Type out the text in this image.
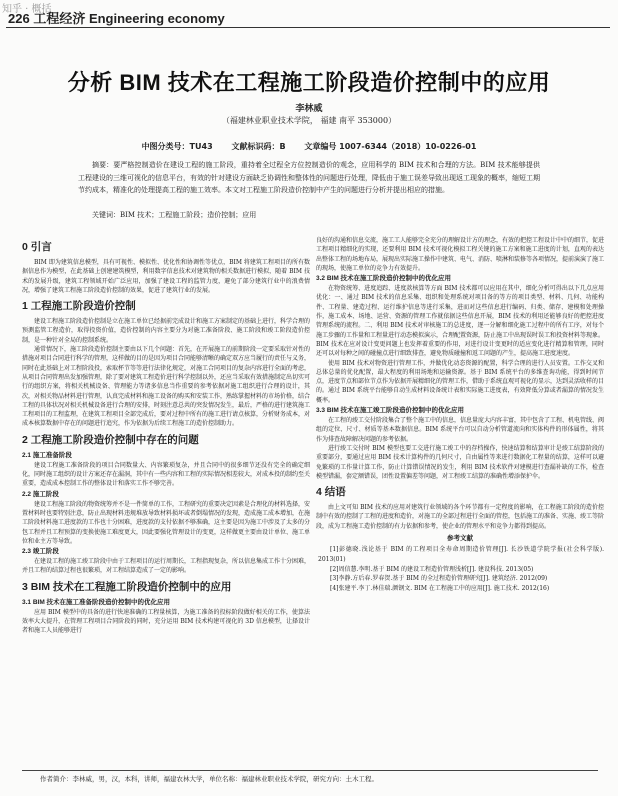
知乎 · 概括
226 工程经济 Engineering economy
分析 BIM 技术在工程施工阶段造价控制中的应用
李林威
（福建林业职业技术学院， 福建 南平 353000）
中图分类号：TU43 文献标识码：B 文章编号 1007-6344（2018）10-0226-01
摘要：要严格控制造价在建设工程的施工阶段，重持着全过程全方位控制造价的观念，应用科学的 BIM 技术和合理的方法。BIM 技术能够提供工程建设的三维可视化的信息平台，有效的针对建设方面缺乏协调性和整体性的问题进行处理，降低由于施工误差导致出现返工现象的概率，缩短工期节约成本，精准化的处理提高工程的施工效率。本文对工程施工阶段造价控制中产生的问题进行分析并提出相应的措施。
关键词：BIM 技术；工程施工阶段；造价控制；应用
0 引言

BIM 即为建筑信息模型，具有可视性、模拟性、优化性和协调性等优点，BIM 将建筑工程项目的所有数据信息作为模型，在此基础上创建建筑模型，利用数字信息技术对建筑物的相关数据进行模拟，随着 BIM 技术的发展升级，建筑工程领域开始广泛应用，加强了建设工程的监管力度，避免了部分建筑行业中的浪费情况，增强了建筑工程施工阶段造价控制的效果，促进了建筑行业的发展。

1 工程施工阶段造价控制

建设工程施工阶段造价控制是立在施工单位已经据前完成设计和施工方案制定的基础上进行，科学合理的预测监管工程造价，取得投资价值，造价控制的内容主要分为对施工准备阶段、施工阶段和竣工阶段造价控制，是一种针对全局的控制系统。

通常情况下，施工阶段造价控制主要由以下几个问题：首先，在开展施工的前期阶段一定要采取针对性的措施对项目合同进行科学的管理，这样做的目的是因为项目合同能够清晰的确定双方应当履行的责任与义务，同时在此基础上对工程阶段投，索取杯节等等进行法律化规定，对施工合同项目的复杂内容进行全面的考虑，从项目合同管理出发加强管理，除了要对建筑工程造价进行科学控制以外，还应当采取有效措施制定出切实可行的组织方案，将相关机械设备、管理能力等诸多信息当作重要的参考依据对施工组织进行合理的设计，其次，对相关物品材料进行管理，认真完成材料和施工设备的购买和安装工作，熟练掌握材料的市场价格，结合工程的具体状况对相关机械设备进行合理的安排，时刻注意总共的突发情况发生，最后，严格的进行建筑施工工程项目的工程监理，在建筑工程项目全部完成后，要对过程中所有的施工进行请点核算，分析财务成本，对成本核算数据中存在的问题进行追究，作为依据为后续工程施工的造价控制助力。

2 工程施工阶段造价控制中存在的问题
2.1 施工准备阶段

建设工程施工准备阶段的项目合同数量大、内容繁琐复杂，并且合同中的很多细节还没有完全的确定细化，同时施工组织的设计方案还存在漏洞，其中有一些内容和工程的实际情况相差较大，对成本投的制约至关重要，造成成本控制工作的整体设计和落实工作不够完善。

2.2 施工阶段

建设工程施工阶段的物资统筹并不是一件简单的工作，工程研究的重要决定因素是合理化的材料选择，安置材料时也要特别注意，防止出现材料违规堆放导致材料损坏或者倒塌情况的发现，造成施工成本增加，在施工阶段材料施工进度款的工作也十分困难，进度款的支付依据不够准确，这主要是因为施工中涉及了太多的分包工程并且工程预算的变换使施工难度更大，因此要强化管理设计的变更，这样做更主要由设计单位、施工单位和业主方等导致。

2.3 竣工阶段

在建设工程的施工竣工阶段中由于工程项目的运行周期长，工程指现复杂，所以信息集成工作十分困难，并且工程的结算过程也很繁琐，对工程结算造成了一定的影响。

3 BIM 技术在工程施工阶段造价控制中的应用
3.1 BIM 技术在施工准备阶段造价控制中的优化应用

应用 BIM 模型中的具备的进行快速准确的工程量核算，为施工准备的投标阶段做好相关的工作，使算法效率大大提升，在管理工程项目合同阶段的同时，充分运用 BIM 技术构建可视化的 3D 信息模型，让择设计者和施工人员能够进行

良好的沟通和信息交流，施工工人能够完全充分的理解设计方的理念，有效的把控工程设计中中的细节，促进工程项目精细化的实现，还要利用 BIM 技术可视化模拟工程关键的施工方案和施工进度的计划，直观的表达出整体工程的场地布局，展现出实际施工操作中建筑、电气、消防、喷淋和装修等各项情况，提前演演了施工的现场，使施工单位的竞争力有效提升。

3.2 BIM 技术在施工阶段造价控制中的优化应用

在物资统筹、进度追踪、进度款核算等方面 BIM 技术都可以应用在其中，细化分析可得出以下几点应用优化：一、通过 BIM 技术的信息采集、组织和处理系统对项目备的等方的项目类型、材料、几何、功能构件、工程量、建造过程、运行维护信息等进行采集，进而对这些信息进行编码、归类、储存、建模和处理操作，施工成本、场地、运营、资源的管理工作就依据这些信息开展，BIM 技术的利用还能够良好的把控进度管理系统的流程。二、利用 BIM 技术对审核施工的总进度，逐一分解和细化施工过程中的所有工序，对每个施工步骤的工作量和工程量进行动态模拟演示，合理配置资源，防止施工中出现误时误工和投资材料等现象。BIM 技术在应对设计变更问题上也发挥着重要的作用，对进行设计变更时的适应变化进行精算和管理，同时还可以对每种之间的碰撞点进行细致排查，避免物质碰撞和返工问题的产生，提高施工进度速度。

使用 BIM 技术对物资进行管理工作，并做优化动态资源的配置，科学合理的进行人员安置。工作交叉和总体总量的优化配置，最大程度的利用场地和运输资源。基于 BIM 系统平台的多维查询功能，得到时间节点，进度节点和部位节点作为依据开展精细化的管理工作，借助于系统直观可视化的显示，达到灵活收样的目的。通过 BIM 系统平台能够自动生成材料设备统计表和实际施工进度表，有效降低分算或者漏算的情况发生概率。

3.3 BIM 技术在施工竣工阶段造价控制中的优化应用

在工程的竣工交付阶段集合了整个施工中的信息，信息量庞大内容丰富，其中包含了工程、机电管线、阀组的定位、尺寸、材质等基本数据信息。BIM 系统平台可以自动分析管道流向和实体构件的形体属性，将其作为排查故障解决问题的参考依据。

进行竣工交付时 BIM 模型也要工交进行施工竣工中的存档操作，快速结算和结算审计是竣工结算阶段的重要部分，要通过应用 BIM 技术计算构件的几何尺寸，自由属性等来进行数据化工程量的结算，这样可以避免繁琐的工作量计算工作，防止计算错误情况的发生，利用 BIM 技术软件对建模进行查漏补缺的工作，检查模型错漏，套定额错误，团性设置偏差等问题，对工程竣工结算的准确性增添保护伞。

4 结语

由上文可知 BIM 技术的应用对建筑行业领域的各个环节都有一定程度的影响，在工程施工阶段的造价控制中有效的控制了工程的进度和造价，对施工的全部过程进行全面的管控，包括施工的准备、实施、竣工等阶段，成为工程施工造价控制的有力依据和参考，使企业的管理水平和竞争力都得到提高。

参考文献

[1]彭德晓.浅论基于 BIM 的工程项目全寿命周期造价管理[J]. 长沙铁道学院学报(社会科学版). 2013(01)

[2]周信慧.李明.基于 BIM 的建设工程造价管理浅析[J]. 建设科技. 2013(05)

[3]李静.方后春.罗春贺.基于 BIM 的全过程造价管理研究[J]. 建筑经济. 2012(09)

[4]张建平.李丁.林佳瑞.颜钢文. BIM 在工程施工中的应用[J]. 施工技术. 2012(16)

作者简介：李林威，男，汉，本科，讲师，福建农林大学，单位名称：福建林业职业技术学院，研究方向：土木工程。
